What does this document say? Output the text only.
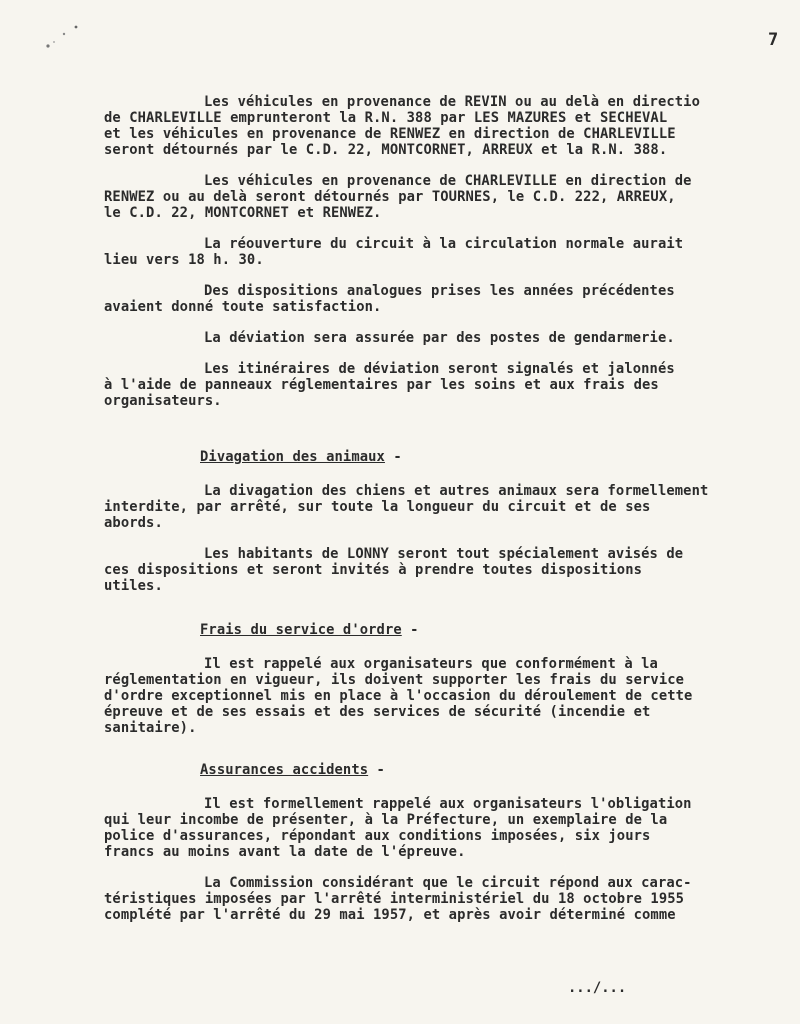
7
Les véhicules en provenance de REVIN ou au delà en directio
de CHARLEVILLE emprunteront la R.N. 388 par LES MAZURES et SECHEVAL
et les véhicules en provenance de RENWEZ en direction de CHARLEVILLE
seront détournés par le C.D. 22, MONTCORNET, ARREUX et la R.N. 388.
Les véhicules en provenance de CHARLEVILLE en direction de
RENWEZ ou au delà seront détournés par TOURNES, le C.D. 222, ARREUX,
le C.D. 22, MONTCORNET et RENWEZ.
La réouverture du circuit à la circulation normale aurait
lieu vers 18 h. 30.
Des dispositions analogues prises les années précédentes
avaient donné toute satisfaction.
La déviation sera assurée par des postes de gendarmerie.
Les itinéraires de déviation seront signalés et jalonnés
à l'aide de panneaux réglementaires par les soins et aux frais des
organisateurs.
Divagation des animaux -
La divagation des chiens et autres animaux sera formellement
interdite, par arrêté, sur toute la longueur du circuit et de ses
abords.
Les habitants de LONNY seront tout spécialement avisés de
ces dispositions et seront invités à prendre toutes dispositions
utiles.
Frais du service d'ordre -
Il est rappelé aux organisateurs que conformément à la
réglementation en vigueur, ils doivent supporter les frais du service
d'ordre exceptionnel mis en place à l'occasion du déroulement de cette
épreuve et de ses essais et des services de sécurité (incendie et
sanitaire).
Assurances accidents -
Il est formellement rappelé aux organisateurs l'obligation
qui leur incombe de présenter, à la Préfecture, un exemplaire de la
police d'assurances, répondant aux conditions imposées, six jours
francs au moins avant la date de l'épreuve.
La Commission considérant que le circuit répond aux carac-
téristiques imposées par l'arrêté interministériel du 18 octobre 1955
complété par l'arrêté du 29 mai 1957, et après avoir déterminé comme
.../...
